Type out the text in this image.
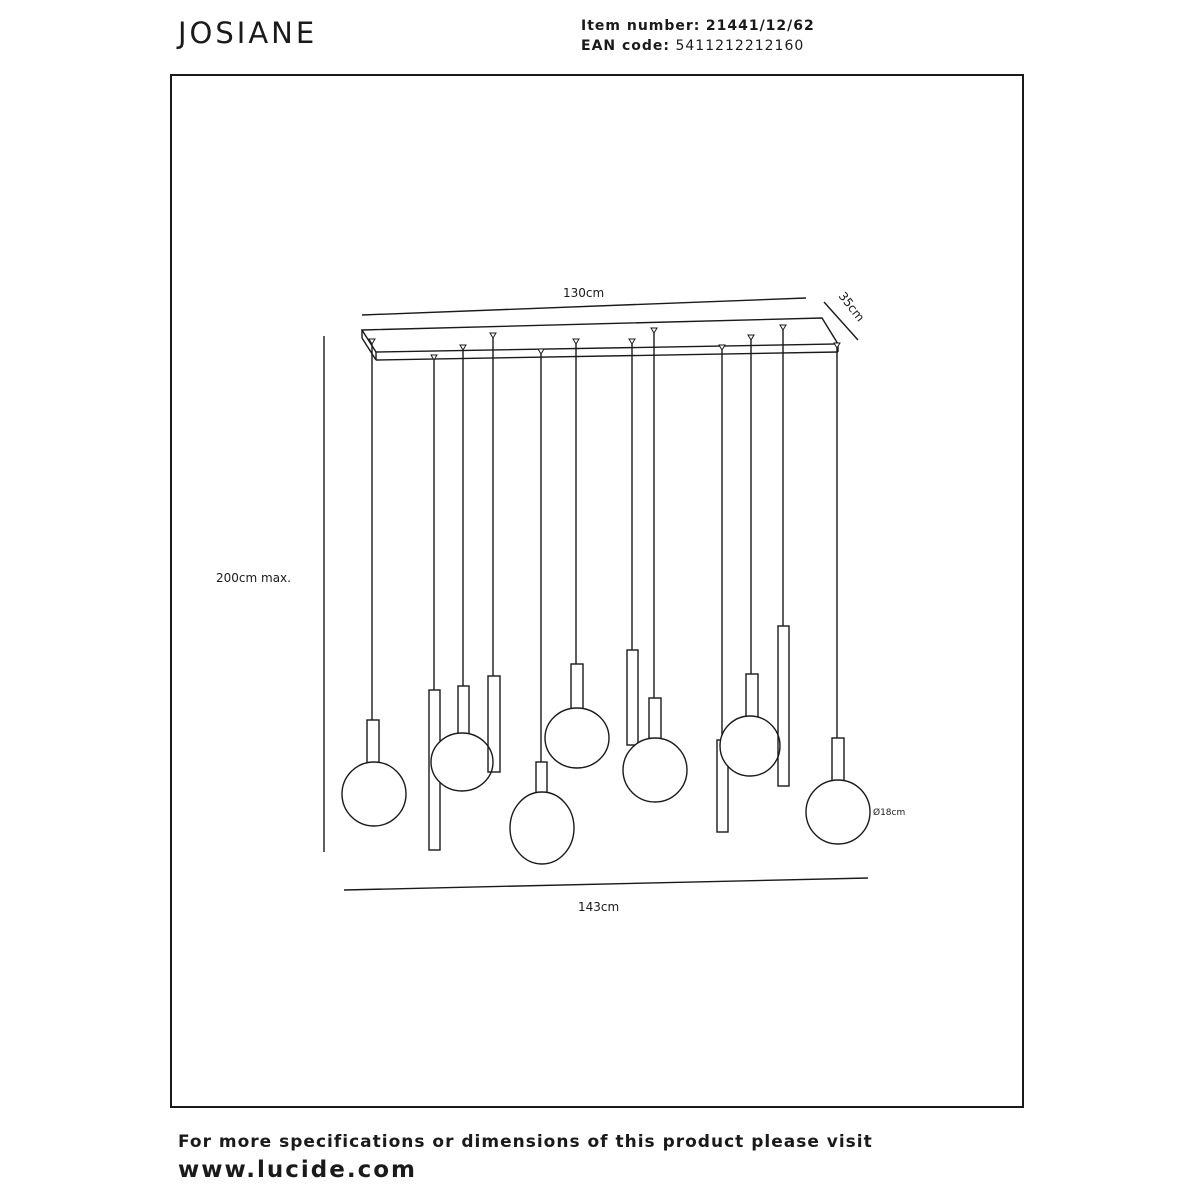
JOSIANE	Item number: 21441/12/62
EAN code: 5411212212160
130cm	35cm
200cm max.
143cm
Ø18cm
For more specifications or dimensions of this product please visit
www.lucide.com
